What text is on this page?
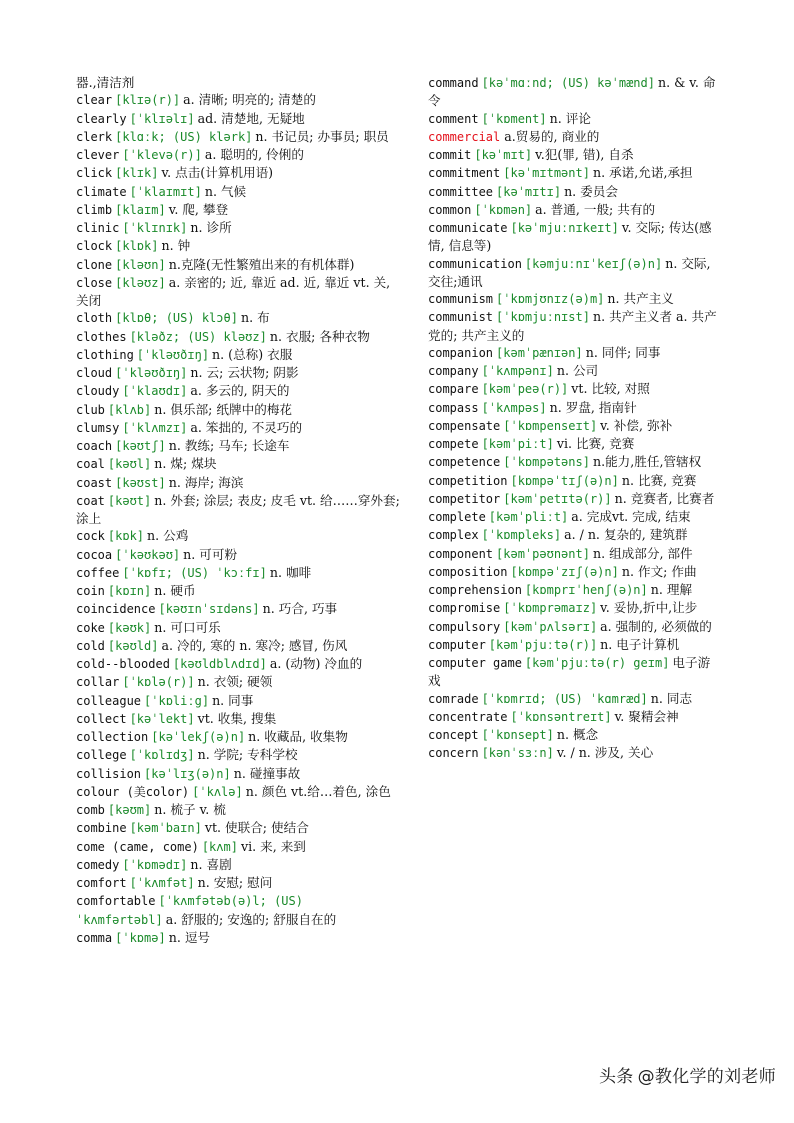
器.,清洁剂
clear [klɪə(r)] a. 清晰; 明亮的; 清楚的
clearly [ˈklɪəlɪ] ad. 清楚地, 无疑地
clerk [klɑːk; (US) klərk] n. 书记员; 办事员; 职员
clever [ˈklevə(r)] a. 聪明的, 伶俐的
click [klɪk] v. 点击(计算机用语)
climate [ˈklaɪmɪt] n. 气候
climb [klaɪm] v. 爬, 攀登
clinic [ˈklɪnɪk] n. 诊所
clock [klɒk] n. 钟
clone [kləʊn] n.克隆(无性繁殖出来的有机体群)
close [kləʊz] a. 亲密的; 近, 靠近 ad. 近, 靠近 vt. 关, 关闭
cloth [klɒθ; (US) klɔθ] n. 布
clothes [kləðz; (US) kləʊz] n. 衣服; 各种衣物
clothing [ˈkləʊðɪŋ] n. (总称) 衣服
cloud [ˈkləʊðɪŋ] n. 云; 云状物; 阴影
cloudy [ˈklaʊdɪ] a. 多云的, 阴天的
club [klʌb] n. 俱乐部; 纸牌中的梅花
clumsy [ˈklʌmzɪ] a. 笨拙的, 不灵巧的
coach [kəʊtʃ] n. 教练; 马车; 长途车
coal [kəʊl] n. 煤; 煤块
coast [kəʊst] n. 海岸; 海滨
coat [kəʊt] n. 外套; 涂层; 表皮; 皮毛 vt. 给……穿外套; 涂上
cock [kɒk] n. 公鸡
cocoa [ˈkəʊkəʊ] n. 可可粉
coffee [ˈkɒfɪ; (US) ˈkɔːfɪ] n. 咖啡
coin [kɒɪn] n. 硬币
coincidence [kəʊɪnˈsɪdəns] n. 巧合, 巧事
coke [kəʊk] n. 可口可乐
cold [kəʊld] a. 冷的, 寒的 n. 寒冷; 感冒, 伤风
cold--blooded [kəʊldblʌdɪd] a. (动物) 冷血的
collar [ˈkɒlə(r)] n. 衣领; 硬领
colleague [ˈkɒliːg] n. 同事
collect [kəˈlekt] vt. 收集, 搜集
collection [kəˈlekʃ(ə)n] n. 收藏品, 收集物
college [ˈkɒlɪdʒ] n. 学院; 专科学校
collision [kəˈlɪʒ(ə)n] n. 碰撞事故
colour (美color) [ˈkʌlə] n. 颜色 vt.给…着色, 涂色
comb [kəʊm] n. 梳子 v. 梳
combine [kəmˈbaɪn] vt. 使联合; 使结合
come (came, come) [kʌm] vi. 来, 来到
comedy [ˈkɒmədɪ] n. 喜剧
comfort [ˈkʌmfət] n. 安慰; 慰问
comfortable [ˈkʌmfətəb(ə)l; (US) ˈkʌmfərtəbl] a. 舒服的; 安逸的; 舒服自在的
comma [ˈkɒmə] n. 逗号
command [kəˈmɑːnd; (US) kəˈmænd] n. & v. 命令
comment [ˈkɒment] n. 评论
commercial a.贸易的, 商业的
commit [kəˈmɪt] v.犯(罪, 错), 自杀
commitment [kəˈmɪtmənt] n. 承诺,允诺,承担
committee [kəˈmɪtɪ] n. 委员会
common [ˈkɒmən] a. 普通, 一般; 共有的
communicate [kəˈmjuːnɪkeɪt] v. 交际; 传达(感情, 信息等)
communication [kəmjuːnɪˈkeɪʃ(ə)n] n. 交际,交往;通讯
communism [ˈkɒmjʊnɪz(ə)m] n. 共产主义
communist [ˈkɒmjuːnɪst] n. 共产主义者 a. 共产党的; 共产主义的
companion [kəmˈpænɪən] n. 同伴; 同事
company [ˈkʌmpənɪ] n. 公司
compare [kəmˈpeə(r)] vt. 比较, 对照
compass [ˈkʌmpəs] n. 罗盘, 指南针
compensate [ˈkɒmpenseɪt] v. 补偿, 弥补
compete [kəmˈpiːt] vi. 比赛, 竞赛
competence [ˈkɒmpətəns] n.能力,胜任,管辖权
competition [kɒmpəˈtɪʃ(ə)n] n. 比赛, 竞赛
competitor [kəmˈpetɪtə(r)] n. 竞赛者, 比赛者
complete [kəmˈpliːt] a. 完成vt. 完成, 结束
complex [ˈkɒmpleks] a. / n. 复杂的, 建筑群
component [kəmˈpəʊnənt] n. 组成部分, 部件
composition [kɒmpəˈzɪʃ(ə)n] n. 作文; 作曲
comprehension [kɒmprɪˈhenʃ(ə)n] n. 理解
compromise [ˈkɒmprəmaɪz] v. 妥协,折中,让步
compulsory [kəmˈpʌlsərɪ] a. 强制的, 必须做的
computer [kəmˈpjuːtə(r)] n. 电子计算机
computer game [kəmˈpjuːtə(r) geɪm] 电子游戏
comrade [ˈkɒmrɪd; (US) ˈkɑmræd] n. 同志
concentrate [ˈkɒnsəntreɪt] v. 聚精会神
concept [ˈkɒnsept] n. 概念
concern [kənˈsɜːn] v. / n. 涉及, 关心
头条 @教化学的刘老师
